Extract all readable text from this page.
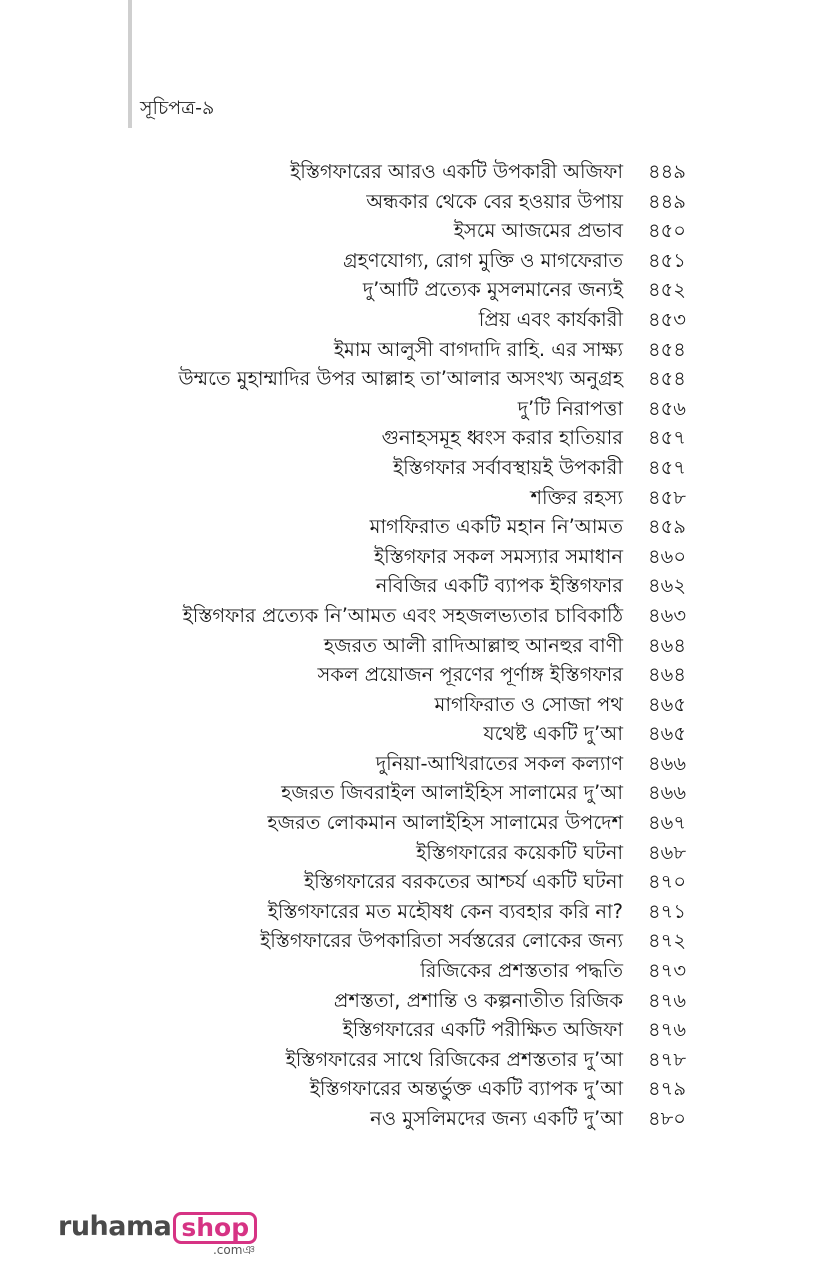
সূচিপত্র-৯
ইস্তিগফারের আরও একটি উপকারী অজিফা ৪৪৯
অন্ধকার থেকে বের হওয়ার উপায় ৪৪৯
ইসমে আজমের প্রভাব ৪৫০
গ্রহণযোগ্য, রোগ মুক্তি ও মাগফেরাত ৪৫১
দু’আটি প্রত্যেক মুসলমানের জন্যই ৪৫২
প্রিয় এবং কার্যকারী ৪৫৩
ইমাম আলুসী বাগদাদি রাহি. এর সাক্ষ্য ৪৫৪
উম্মতে মুহাম্মাদির উপর আল্লাহ তা’আলার অসংখ্য অনুগ্রহ ৪৫৪
দু’টি নিরাপত্তা ৪৫৬
গুনাহসমূহ ধ্বংস করার হাতিয়ার ৪৫৭
ইস্তিগফার সর্বাবস্থায়ই উপকারী ৪৫৭
শক্তির রহস্য ৪৫৮
মাগফিরাত একটি মহান নি’আমত ৪৫৯
ইস্তিগফার সকল সমস্যার সমাধান ৪৬০
নবিজির একটি ব্যাপক ইস্তিগফার ৪৬২
ইস্তিগফার প্রত্যেক নি’আমত এবং সহজলভ্যতার চাবিকাঠি ৪৬৩
হজরত আলী রাদিআল্লাহু আনহুর বাণী ৪৬৪
সকল প্রয়োজন পূরণের পূর্ণাঙ্গ ইস্তিগফার ৪৬৪
মাগফিরাত ও সোজা পথ ৪৬৫
যথেষ্ট একটি দু’আ ৪৬৫
দুনিয়া-আখিরাতের সকল কল্যাণ ৪৬৬
হজরত জিবরাইল আলাইহিস সালামের দু’আ ৪৬৬
হজরত লোকমান আলাইহিস সালামের উপদেশ ৪৬৭
ইস্তিগফারের কয়েকটি ঘটনা ৪৬৮
ইস্তিগফারের বরকতের আশ্চর্য একটি ঘটনা ৪৭০
ইস্তিগফারের মত মহৌষধ কেন ব্যবহার করি না? ৪৭১
ইস্তিগফারের উপকারিতা সর্বস্তরের লোকের জন্য ৪৭২
রিজিকের প্রশস্ততার পদ্ধতি ৪৭৩
প্রশস্ততা, প্রশান্তি ও কল্পনাতীত রিজিক ৪৭৬
ইস্তিগফারের একটি পরীক্ষিত অজিফা ৪৭৬
ইস্তিগফারের সাথে রিজিকের প্রশস্ততার দু’আ ৪৭৮
ইস্তিগফারের অন্তর্ভুক্ত একটি ব্যাপক দু’আ ৪৭৯
নও মুসলিমদের জন্য একটি দু’আ ৪৮০
ruhama shop
.comঞ
